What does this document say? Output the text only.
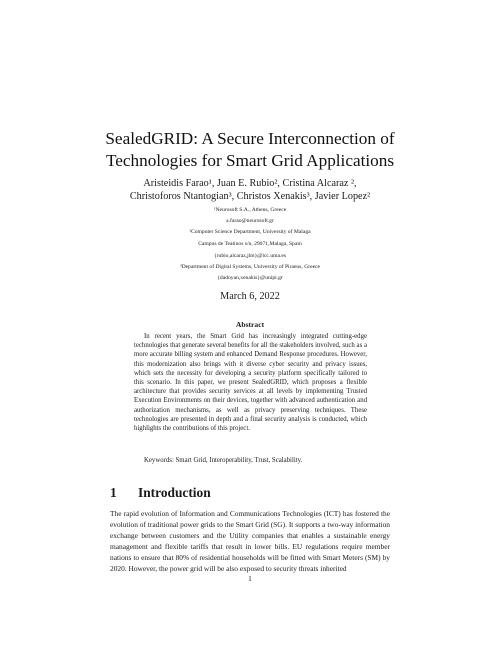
SealedGRID: A Secure Interconnection of
Technologies for Smart Grid Applications
Aristeidis Farao¹, Juan E. Rubio², Cristina Alcaraz ²,
Christoforos Ntantogian³, Christos Xenakis³, Javier Lopez²
¹Neurosoft S.A., Athens, Greece
a.farao@neurosoft.gr
²Computer Science Department, University of Malaga
Campus de Teatinos s/n, 29071,Malaga, Spain
{rubio,alcaraz,jlm}@lcc.uma.es
³Department of Digital Systems, University of Piraeus, Greece
{dadoyan,xenakis}@unipi.gr
March 6, 2022
Abstract
In recent years, the Smart Grid has increasingly integrated cutting-edge technologies that generate several benefits for all the stakeholders involved, such as a more accurate billing system and enhanced Demand Response procedures. However, this modernization also brings with it diverse cyber security and privacy issues, which sets the necessity for developing a security platform specifically tailored to this scenario. In this paper, we present SealedGRID, which proposes a flexible architecture that provides security services at all levels by implementing Trusted Execution Environments on their devices, together with advanced authentication and authorization mechanisms, as well as privacy preserving techniques. These technologies are presented in depth and a final security analysis is conducted, which highlights the contributions of this project.
Keywords: Smart Grid, Interoperability, Trust, Scalability.
1 Introduction
The rapid evolution of Information and Communications Technologies (ICT) has fostered the evolution of traditional power grids to the Smart Grid (SG). It supports a two-way information exchange between customers and the Utility companies that enables a sustainable energy management and flexible tariffs that result in lower bills. EU regulations require member nations to ensure that 80% of residential households will be fitted with Smart Meters (SM) by 2020. However, the power grid will be also exposed to security threats inherited
1
